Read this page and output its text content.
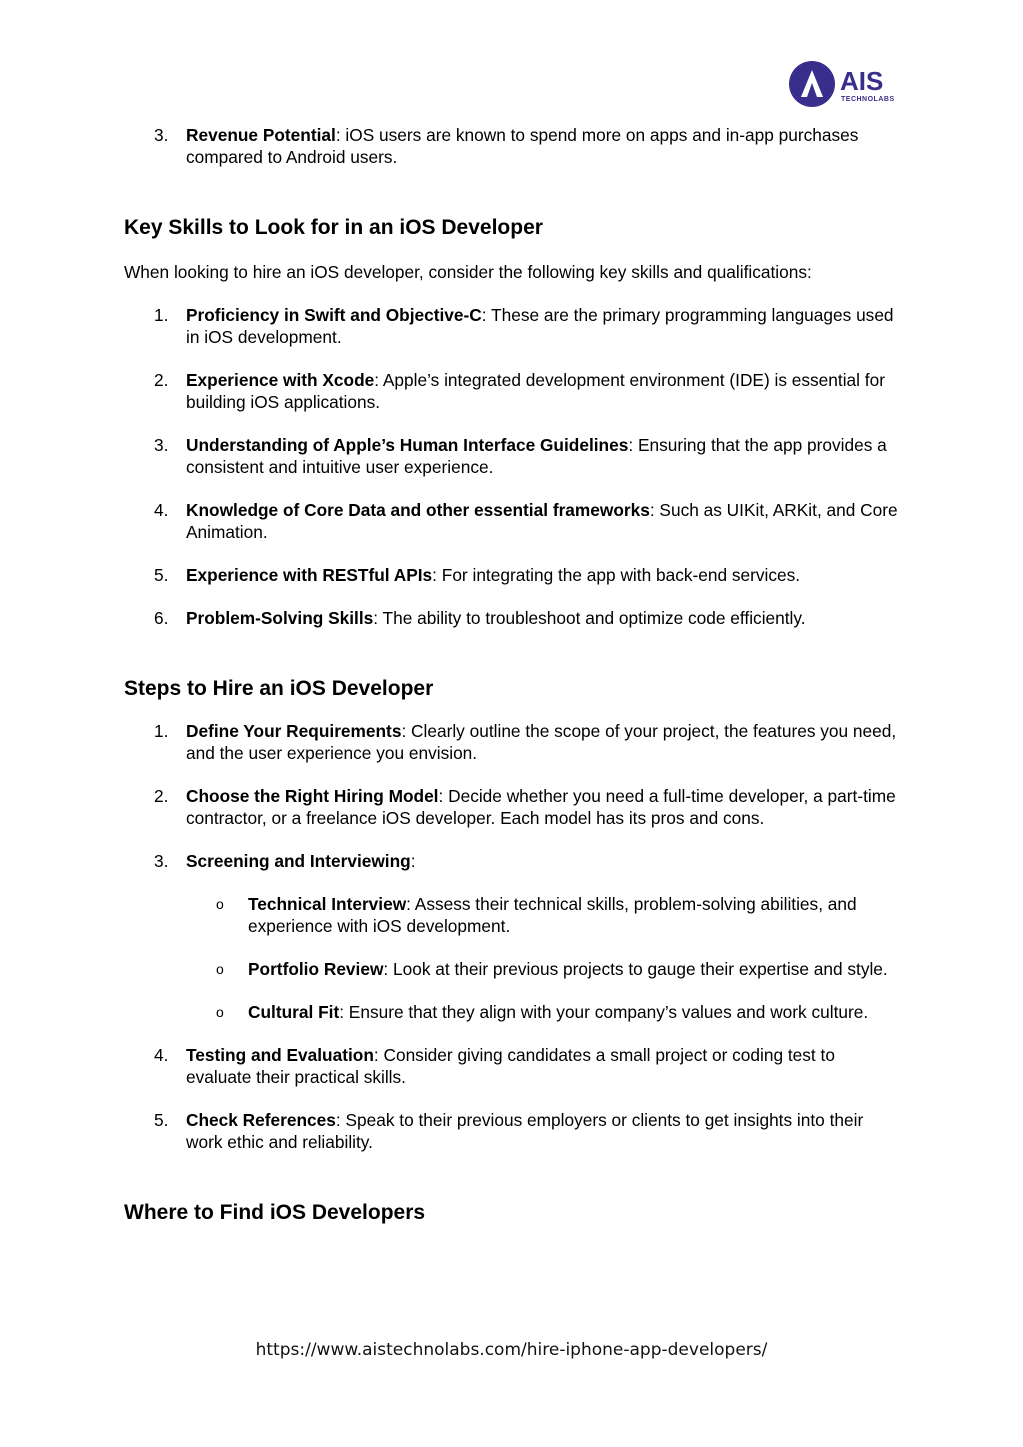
AIS
TECHNOLABS
3. Revenue Potential: iOS users are known to spend more on apps and in-app purchases compared to Android users.
Key Skills to Look for in an iOS Developer

When looking to hire an iOS developer, consider the following key skills and qualifications:

1. Proficiency in Swift and Objective-C: These are the primary programming languages used in iOS development.
2. Experience with Xcode: Apple’s integrated development environment (IDE) is essential for building iOS applications.
3. Understanding of Apple’s Human Interface Guidelines: Ensuring that the app provides a consistent and intuitive user experience.
4. Knowledge of Core Data and other essential frameworks: Such as UIKit, ARKit, and Core Animation.
5. Experience with RESTful APIs: For integrating the app with back-end services.
6. Problem-Solving Skills: The ability to troubleshoot and optimize code efficiently.
Steps to Hire an iOS Developer
1. Define Your Requirements: Clearly outline the scope of your project, the features you need, and the user experience you envision.
2. Choose the Right Hiring Model: Decide whether you need a full-time developer, a part-time contractor, or a freelance iOS developer. Each model has its pros and cons.
3. Screening and Interviewing:
o Technical Interview: Assess their technical skills, problem-solving abilities, and experience with iOS development.
o Portfolio Review: Look at their previous projects to gauge their expertise and style.
o Cultural Fit: Ensure that they align with your company’s values and work culture.
4. Testing and Evaluation: Consider giving candidates a small project or coding test to evaluate their practical skills.
5. Check References: Speak to their previous employers or clients to get insights into their work ethic and reliability.
Where to Find iOS Developers
https://www.aistechnolabs.com/hire-iphone-app-developers/
